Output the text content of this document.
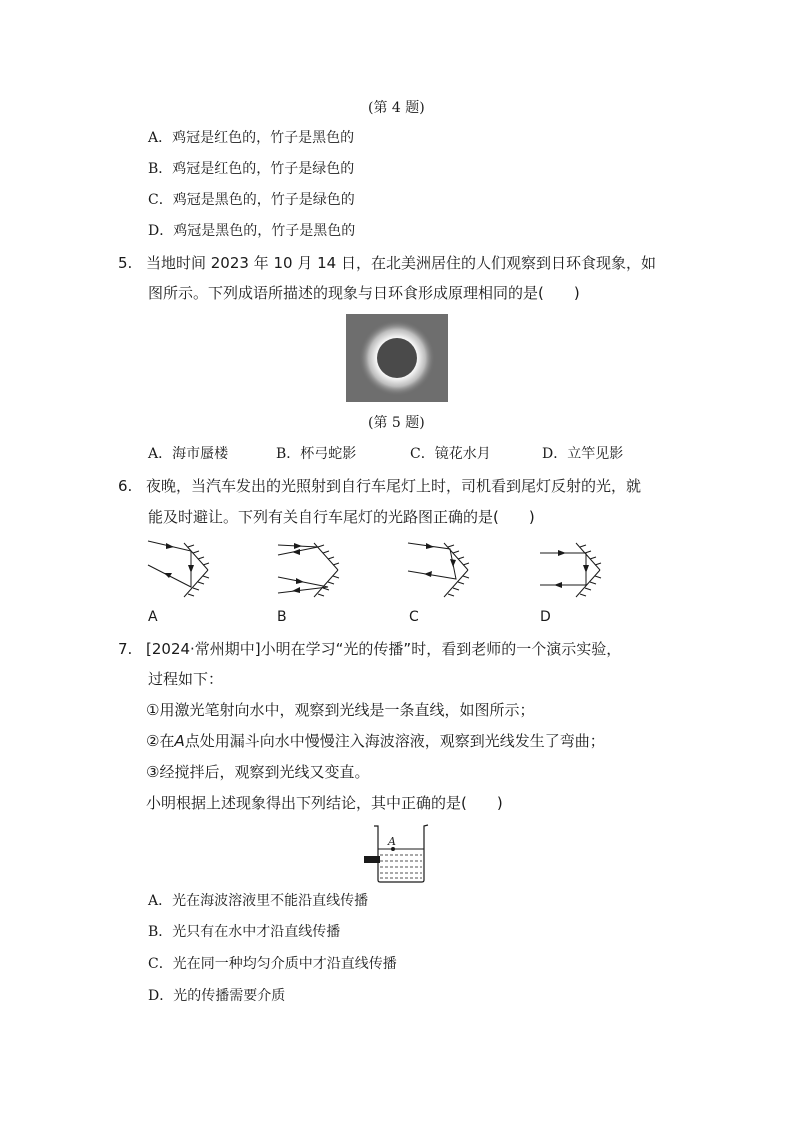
(第 4 题)
A．鸡冠是红色的，竹子是黑色的
B．鸡冠是红色的，竹子是绿色的
C．鸡冠是黑色的，竹子是绿色的
D．鸡冠是黑色的，竹子是黑色的
5. 当地时间 2023 年 10 月 14 日，在北美洲居住的人们观察到日环食现象，如
图所示。下列成语所描述的现象与日环食形成原理相同的是(　　)
(第 5 题)
A．海市蜃楼	B．杯弓蛇影	C．镜花水月	D．立竿见影
6. 夜晚，当汽车发出的光照射到自行车尾灯上时，司机看到尾灯反射的光，就
能及时避让。下列有关自行车尾灯的光路图正确的是(　　)
A	B	C	D
7. [2024·常州期中]小明在学习“光的传播”时，看到老师的一个演示实验，
过程如下：
①用激光笔射向水中，观察到光线是一条直线，如图所示；
②在A点处用漏斗向水中慢慢注入海波溶液，观察到光线发生了弯曲；
③经搅拌后，观察到光线又变直。
小明根据上述现象得出下列结论，其中正确的是(　　)
A
A．光在海波溶液里不能沿直线传播
B．光只有在水中才沿直线传播
C．光在同一种均匀介质中才沿直线传播
D．光的传播需要介质
